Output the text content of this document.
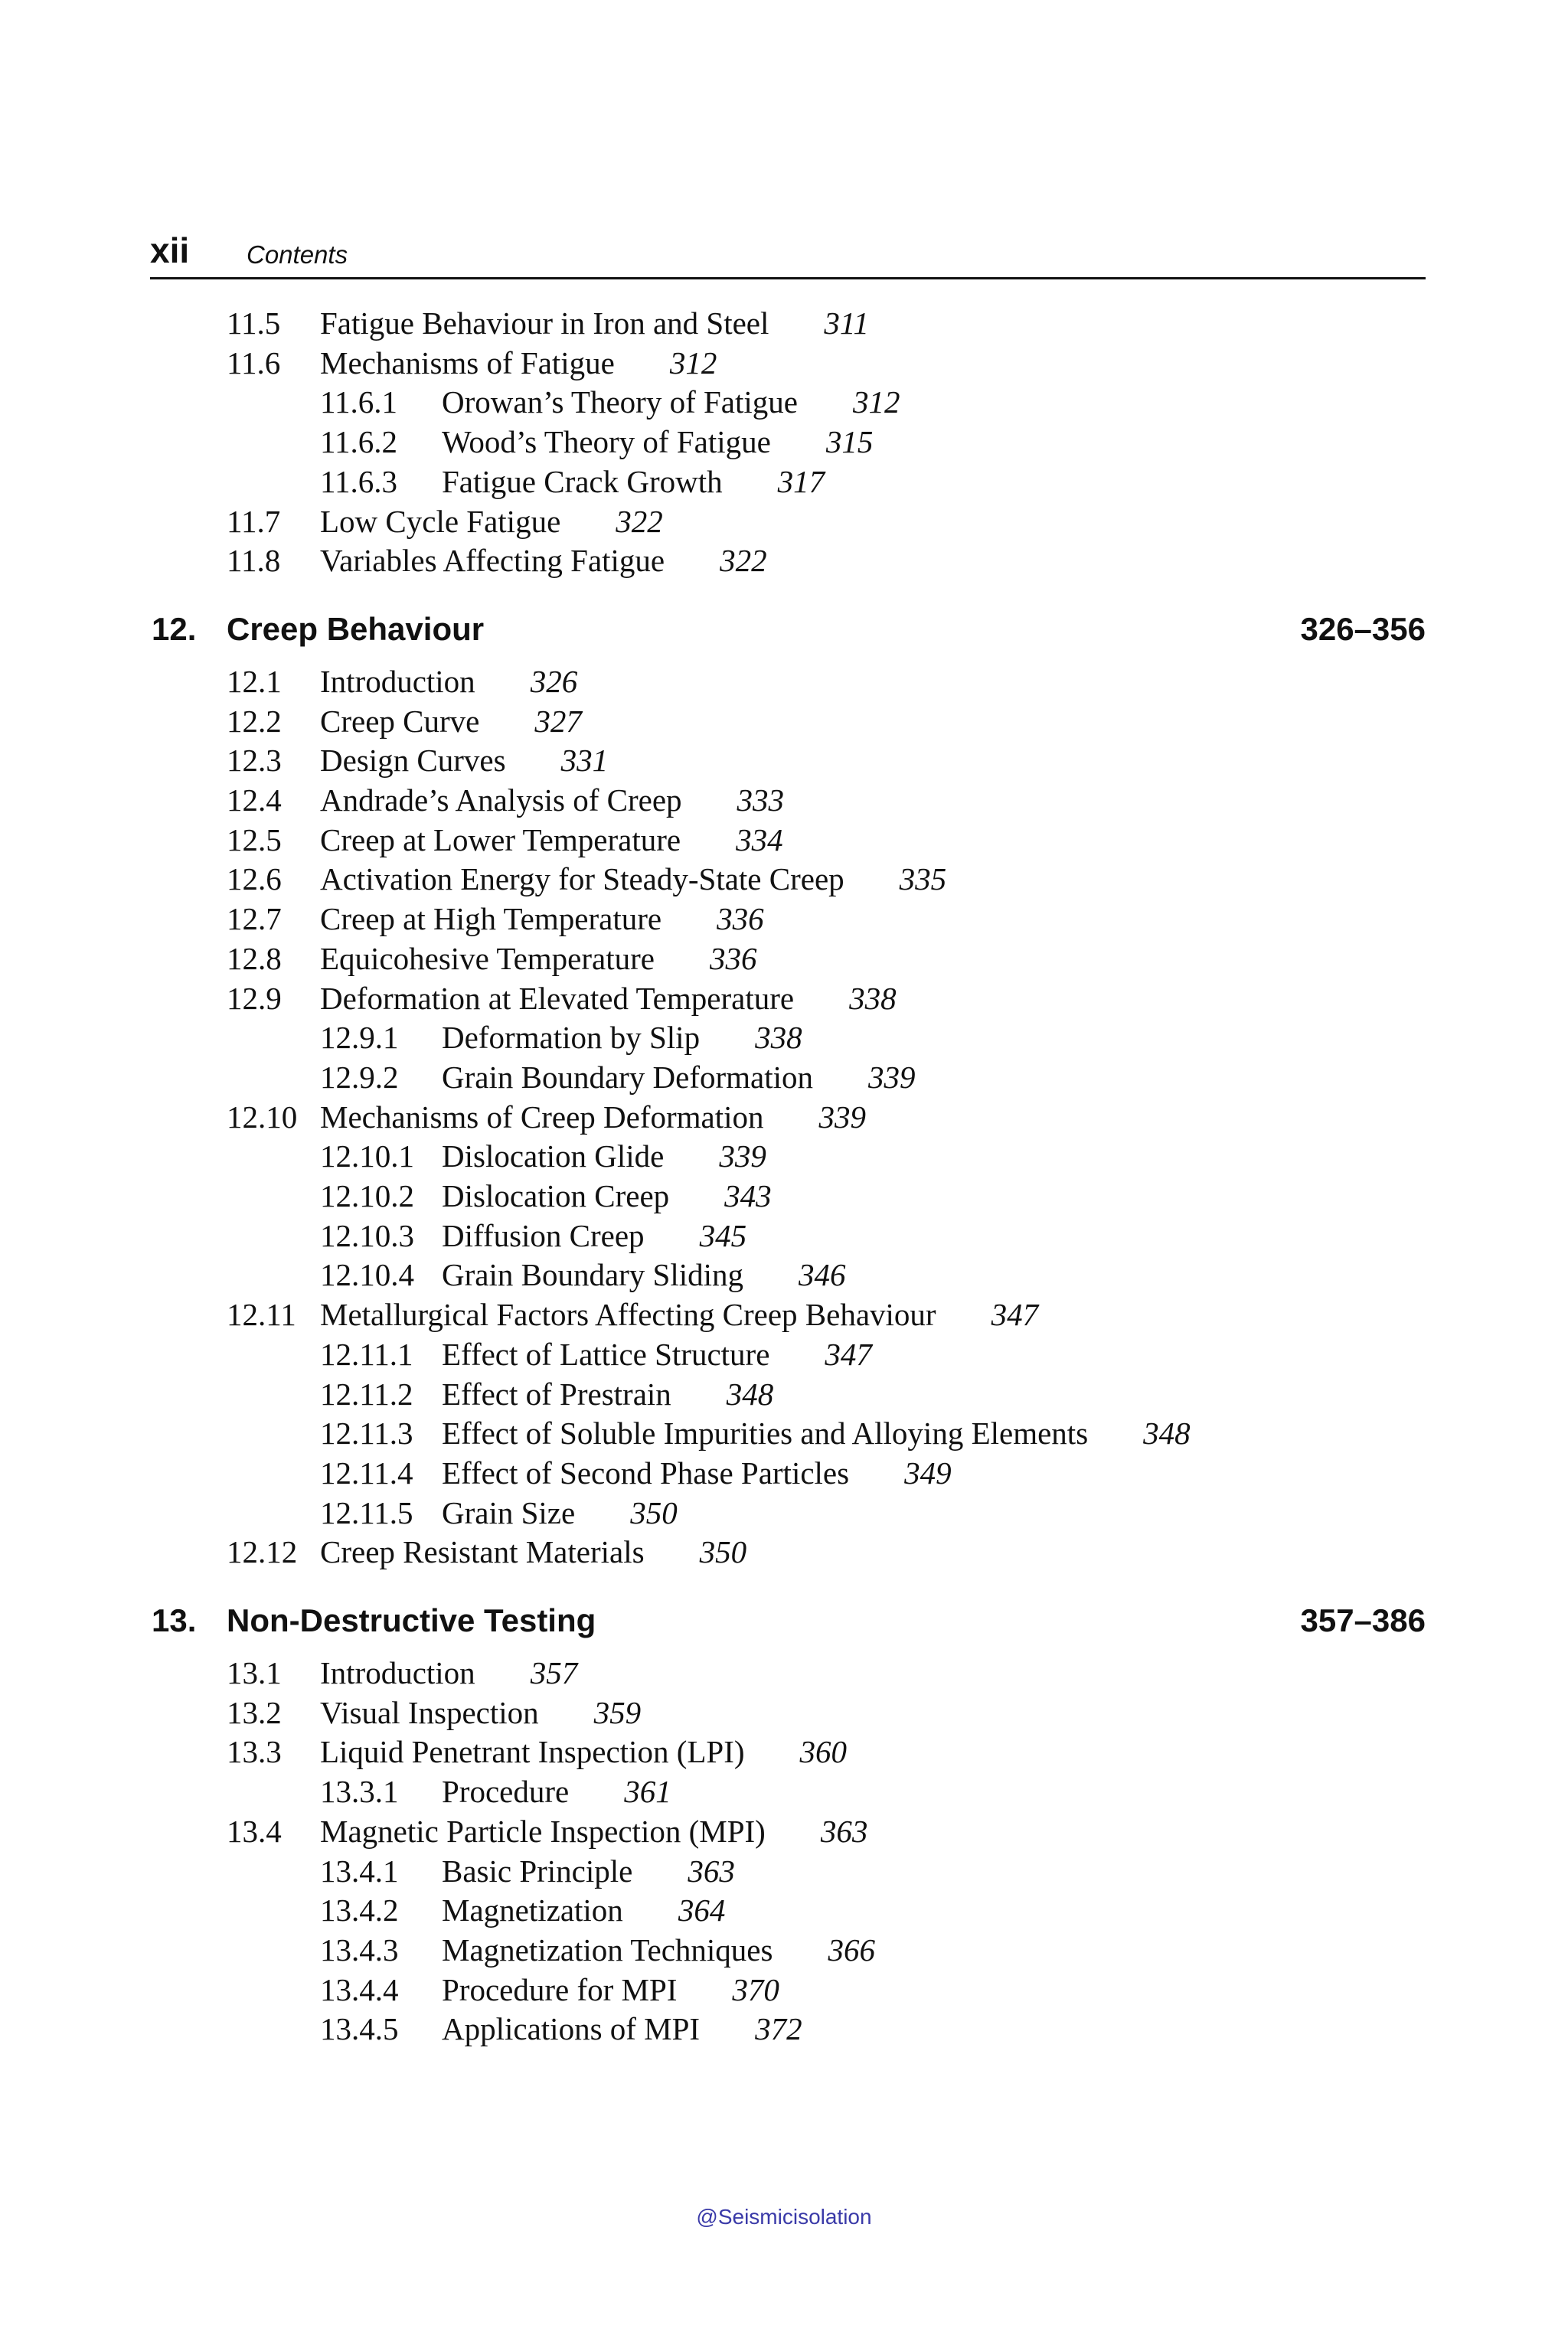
xii Contents
11.5 Fatigue Behaviour in Iron and Steel 311
11.6 Mechanisms of Fatigue 312
11.6.1 Orowan’s Theory of Fatigue 312
11.6.2 Wood’s Theory of Fatigue 315
11.6.3 Fatigue Crack Growth 317
11.7 Low Cycle Fatigue 322
11.8 Variables Affecting Fatigue 322
12. Creep Behaviour	326–356
12.1 Introduction 326
12.2 Creep Curve 327
12.3 Design Curves 331
12.4 Andrade’s Analysis of Creep 333
12.5 Creep at Lower Temperature 334
12.6 Activation Energy for Steady-State Creep 335
12.7 Creep at High Temperature 336
12.8 Equicohesive Temperature 336
12.9 Deformation at Elevated Temperature 338
12.9.1 Deformation by Slip 338
12.9.2 Grain Boundary Deformation 339
12.10 Mechanisms of Creep Deformation 339
12.10.1 Dislocation Glide 339
12.10.2 Dislocation Creep 343
12.10.3 Diffusion Creep 345
12.10.4 Grain Boundary Sliding 346
12.11 Metallurgical Factors Affecting Creep Behaviour 347
12.11.1 Effect of Lattice Structure 347
12.11.2 Effect of Prestrain 348
12.11.3 Effect of Soluble Impurities and Alloying Elements 348
12.11.4 Effect of Second Phase Particles 349
12.11.5 Grain Size 350
12.12 Creep Resistant Materials 350
13. Non-Destructive Testing	357–386
13.1 Introduction 357
13.2 Visual Inspection 359
13.3 Liquid Penetrant Inspection (LPI) 360
13.3.1 Procedure 361
13.4 Magnetic Particle Inspection (MPI) 363
13.4.1 Basic Principle 363
13.4.2 Magnetization 364
13.4.3 Magnetization Techniques 366
13.4.4 Procedure for MPI 370
13.4.5 Applications of MPI 372
@Seismicisolation
